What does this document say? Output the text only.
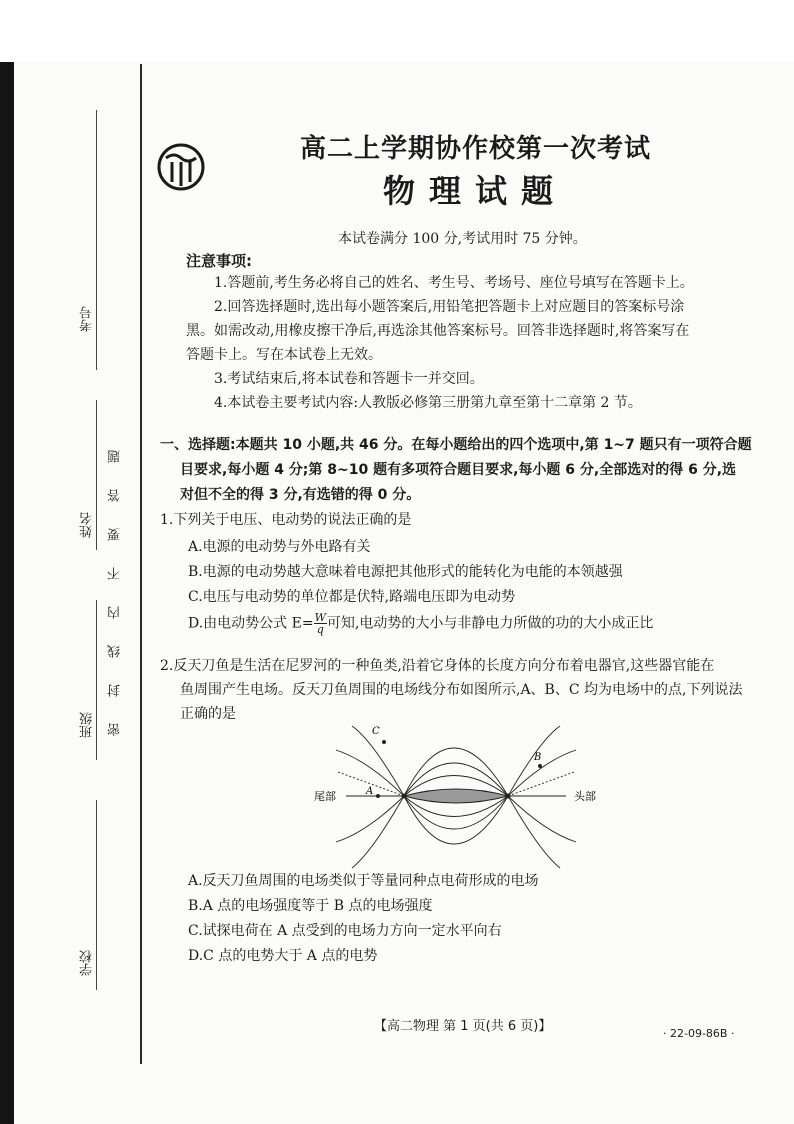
考号
姓名
班级
学校
密封线内不要答题
高二上学期协作校第一次考试
物理试题
本试卷满分 100 分,考试用时 75 分钟。
注意事项:
1.答题前,考生务必将自己的姓名、考生号、考场号、座位号填写在答题卡上。
2.回答选择题时,选出每小题答案后,用铅笔把答题卡上对应题目的答案标号涂
黑。如需改动,用橡皮擦干净后,再选涂其他答案标号。回答非选择题时,将答案写在
答题卡上。写在本试卷上无效。
3.考试结束后,将本试卷和答题卡一并交回。
4.本试卷主要考试内容:人教版必修第三册第九章至第十二章第 2 节。
一、选择题:本题共 10 小题,共 46 分。在每小题给出的四个选项中,第 1~7 题只有一项符合题
目要求,每小题 4 分;第 8~10 题有多项符合题目要求,每小题 6 分,全部选对的得 6 分,选
对但不全的得 3 分,有选错的得 0 分。
1.下列关于电压、电动势的说法正确的是
A.电源的电动势与外电路有关
B.电源的电动势越大意味着电源把其他形式的能转化为电能的本领越强
C.电压与电动势的单位都是伏特,路端电压即为电动势
D.由电动势公式 $E= \frac{W}{q}$ 可知,电动势的大小与非静电力所做的功的大小成正比
2.反天刀鱼是生活在尼罗河的一种鱼类,沿着它身体的长度方向分布着电器官,这些器官能在
鱼周围产生电场。反天刀鱼周围的电场线分布如图所示,A、B、C 均为电场中的点,下列说法
正确的是
尾部	头部
A
B
C
A.反天刀鱼周围的电场类似于等量同种点电荷形成的电场
B.A 点的电场强度等于 B 点的电场强度
C.试探电荷在 A 点受到的电场力方向一定水平向右
D.C 点的电势大于 A 点的电势
【高二物理 第 1 页(共 6 页)】	· 22-09-86B ·
